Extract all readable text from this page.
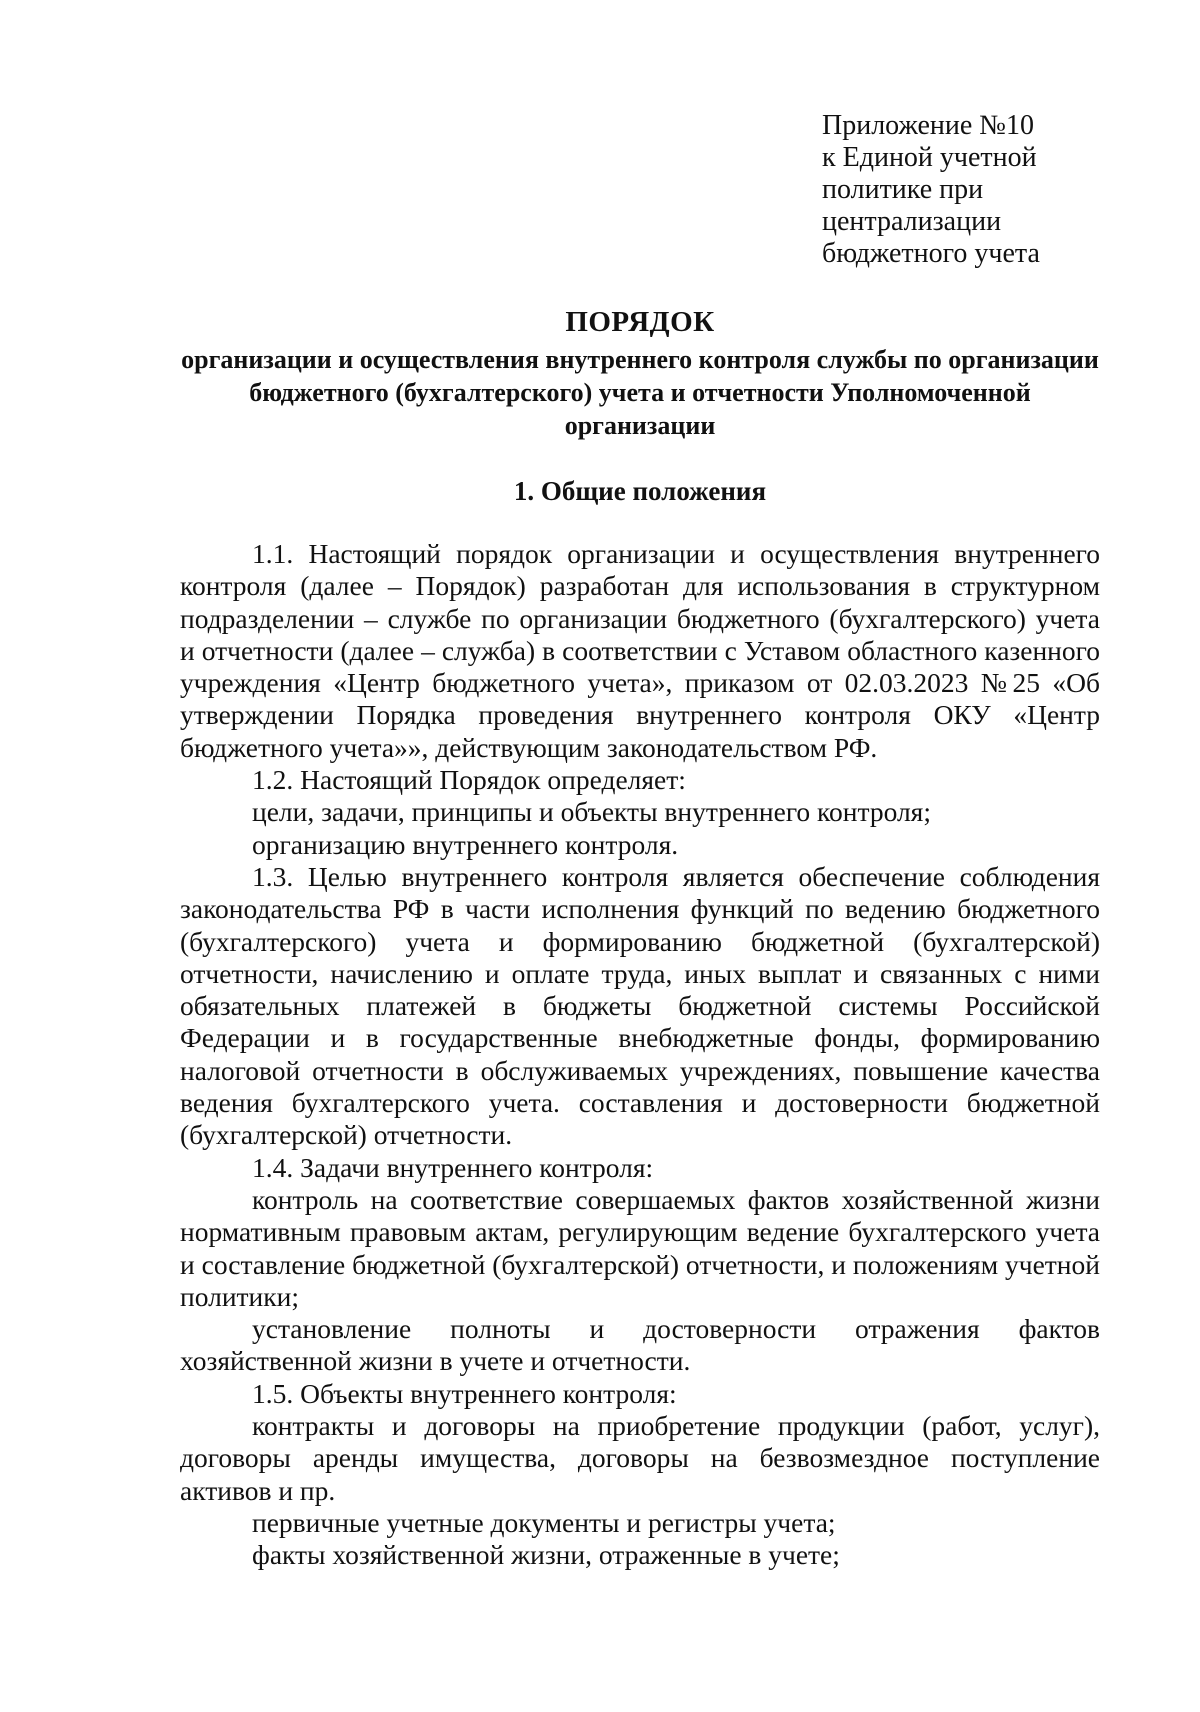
Приложение №10
к Единой учетной
политике при
централизации
бюджетного учета
ПОРЯДОК
организации и осуществления внутреннего контроля службы по организации бюджетного (бухгалтерского) учета и отчетности Уполномоченной организации
1. Общие положения

1.1. Настоящий порядок организации и осуществления внутреннего контроля (далее – Порядок) разработан для использования в структурном подразделении – службе по организации бюджетного (бухгалтерского) учета и отчетности (далее – служба) в соответствии с Уставом областного казенного учреждения «Центр бюджетного учета», приказом от 02.03.2023 №25 «Об утверждении Порядка проведения внутреннего контроля ОКУ «Центр бюджетного учета»», действующим законодательством РФ.

1.2. Настоящий Порядок определяет:

цели, задачи, принципы и объекты внутреннего контроля;

организацию внутреннего контроля.

1.3. Целью внутреннего контроля является обеспечение соблюдения законодательства РФ в части исполнения функций по ведению бюджетного (бухгалтерского) учета и формированию бюджетной (бухгалтерской) отчетности, начислению и оплате труда, иных выплат и связанных с ними обязательных платежей в бюджеты бюджетной системы Российской Федерации и в государственные внебюджетные фонды, формированию налоговой отчетности в обслуживаемых учреждениях, повышение качества ведения бухгалтерского учета. составления и достоверности бюджетной (бухгалтерской) отчетности.

1.4. Задачи внутреннего контроля:

контроль на соответствие совершаемых фактов хозяйственной жизни нормативным правовым актам, регулирующим ведение бухгалтерского учета и составление бюджетной (бухгалтерской) отчетности, и положениям учетной политики;

установление полноты и достоверности отражения фактов хозяйственной жизни в учете и отчетности.

1.5. Объекты внутреннего контроля:

контракты и договоры на приобретение продукции (работ, услуг), договоры аренды имущества, договоры на безвозмездное поступление активов и пр.

первичные учетные документы и регистры учета;

факты хозяйственной жизни, отраженные в учете;
